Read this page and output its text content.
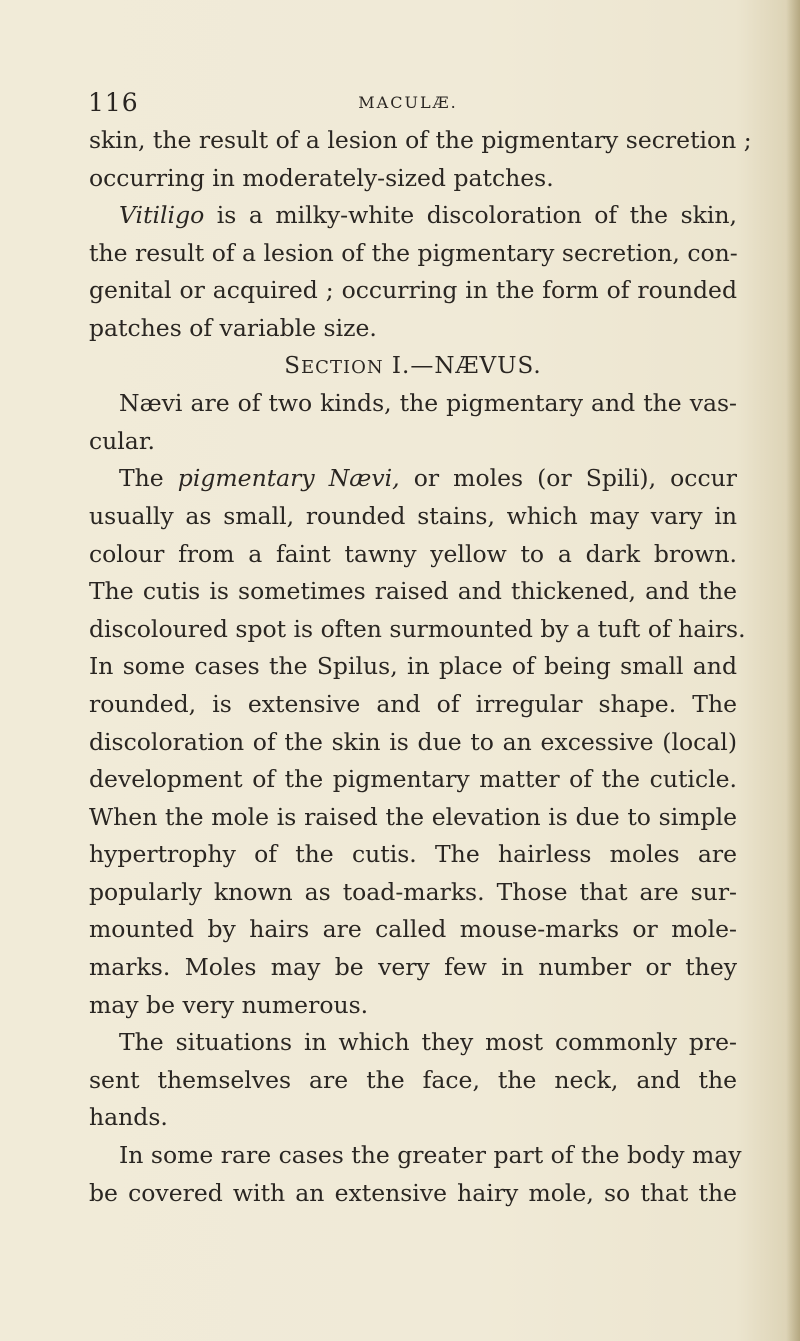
116	MACULÆ.
skin, the result of a lesion of the pigmentary secretion ;
occurring in moderately-sized patches.
Vitiligo is a milky-white discoloration of the skin,
the result of a lesion of the pigmentary secretion, con-
genital or acquired ; occurring in the form of rounded
patches of variable size.
SECTION I.—NÆVUS.
Nævi are of two kinds, the pigmentary and the vas-
cular.
The pigmentary Nævi, or moles (or Spili), occur
usually as small, rounded stains, which may vary in
colour from a faint tawny yellow to a dark brown.
The cutis is sometimes raised and thickened, and the
discoloured spot is often surmounted by a tuft of hairs.
In some cases the Spilus, in place of being small and
rounded, is extensive and of irregular shape. The
discoloration of the skin is due to an excessive (local)
development of the pigmentary matter of the cuticle.
When the mole is raised the elevation is due to simple
hypertrophy of the cutis. The hairless moles are
popularly known as toad-marks. Those that are sur-
mounted by hairs are called mouse-marks or mole-
marks. Moles may be very few in number or they
may be very numerous.
The situations in which they most commonly pre-
sent themselves are the face, the neck, and the
hands.
In some rare cases the greater part of the body may
be covered with an extensive hairy mole, so that the
